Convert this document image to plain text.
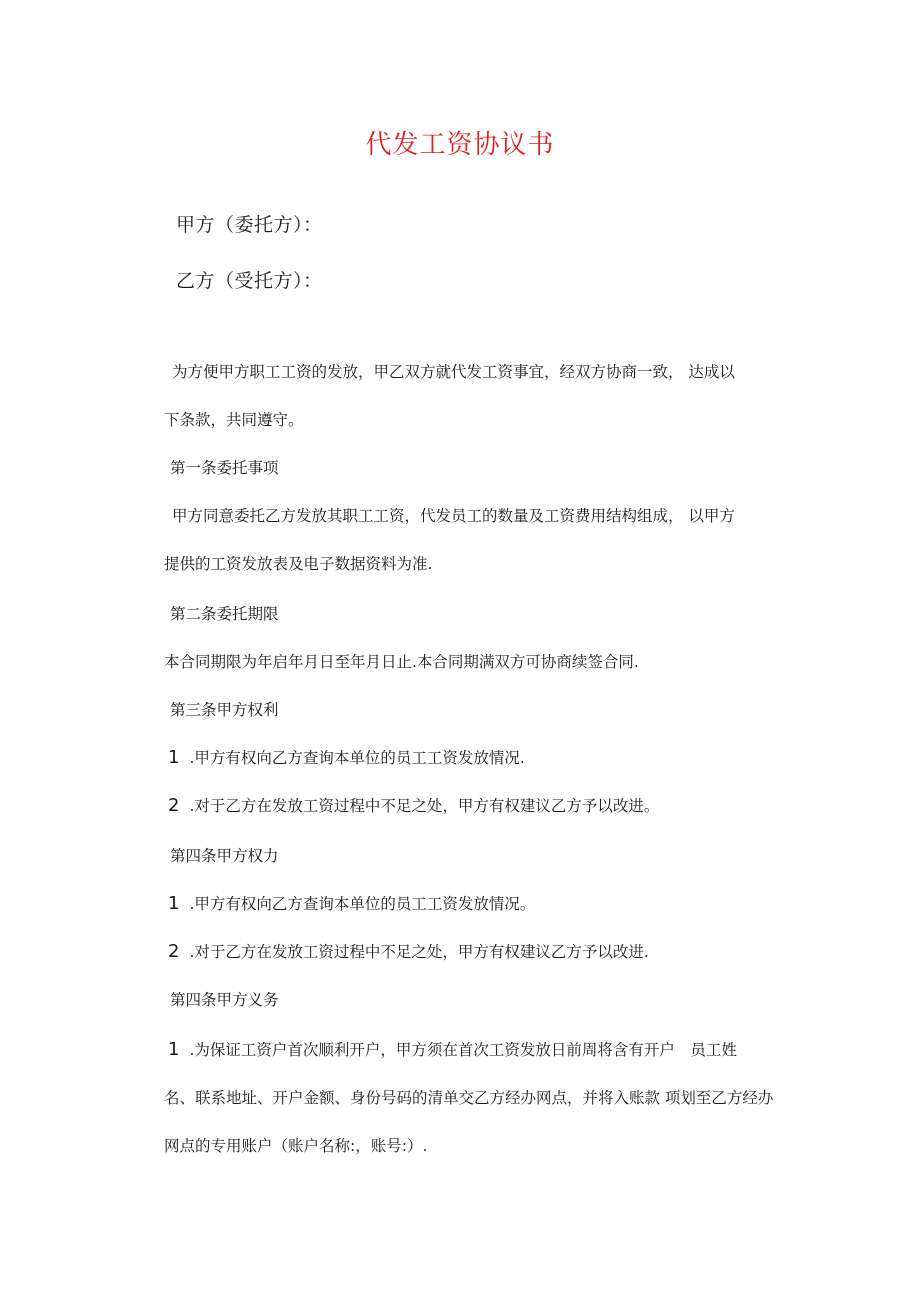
代发工资协议书
甲方（委托方）：
乙方（受托方）：
为方便甲方职工工资的发放，甲乙双方就代发工资事宜，经双方协商一致， 达成以
下条款，共同遵守。
第一条委托事项
甲方同意委托乙方发放其职工工资，代发员工的数量及工资费用结构组成， 以甲方
提供的工资发放表及电子数据资料为准.
第二条委托期限
本合同期限为年启年月日至年月日止.本合同期满双方可协商续签合同.
第三条甲方权利
1 .甲方有权向乙方查询本单位的员工工资发放情况.
2 .对于乙方在发放工资过程中不足之处，甲方有权建议乙方予以改进。
第四条甲方权力
1 .甲方有权向乙方查询本单位的员工工资发放情况。
2 .对于乙方在发放工资过程中不足之处，甲方有权建议乙方予以改进.
第四条甲方义务
1 .为保证工资户首次顺利开户，甲方须在首次工资发放日前周将含有开户　员工姓
名、联系地址、开户金额、身份号码的清单交乙方经办网点，并将入账款 项划至乙方经办
网点的专用账户（账户名称:，账号:）.
